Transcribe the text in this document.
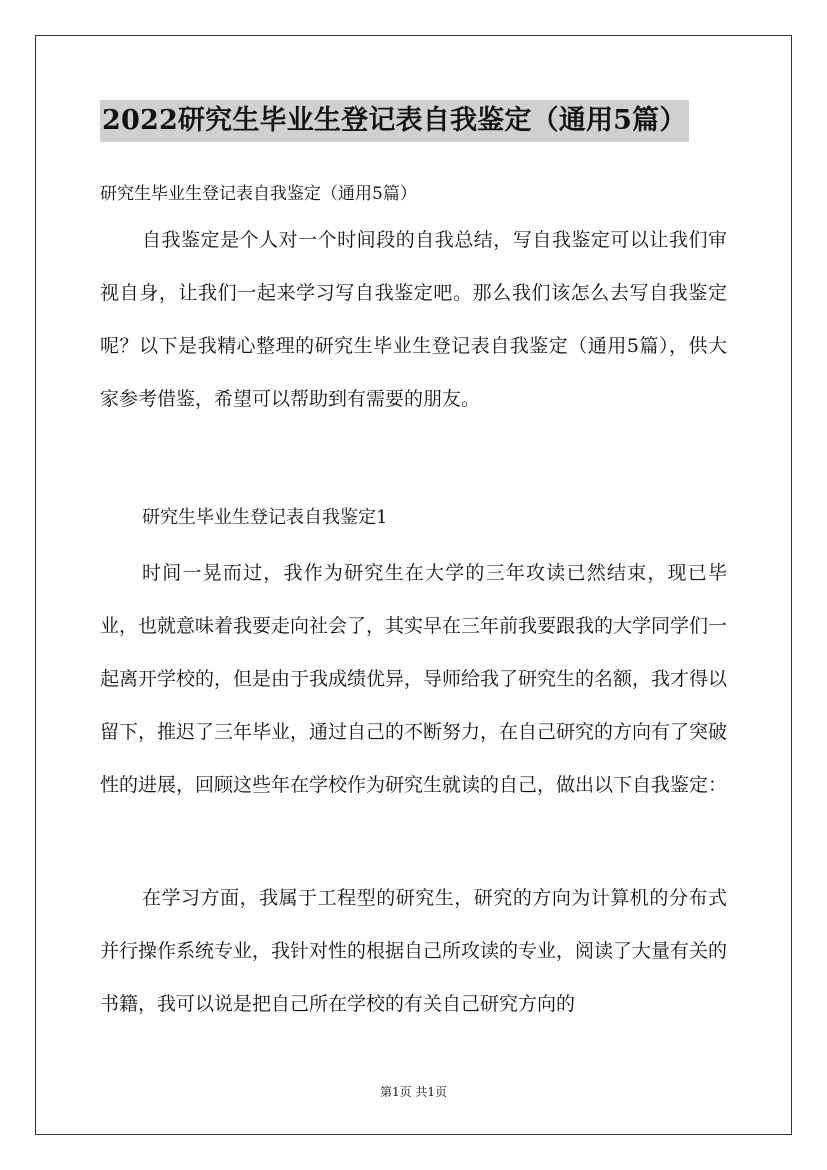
2022研究生毕业生登记表自我鉴定（通用5篇）
研究生毕业生登记表自我鉴定（通用5篇）

自我鉴定是个人对一个时间段的自我总结，写自我鉴定可以让我们审视自身，让我们一起来学习写自我鉴定吧。那么我们该怎么去写自我鉴定呢？以下是我精心整理的研究生毕业生登记表自我鉴定（通用5篇），供大家参考借鉴，希望可以帮助到有需要的朋友。

研究生毕业生登记表自我鉴定1

时间一晃而过，我作为研究生在大学的三年攻读已然结束，现已毕业，也就意味着我要走向社会了，其实早在三年前我要跟我的大学同学们一起离开学校的，但是由于我成绩优异，导师给我了研究生的名额，我才得以留下，推迟了三年毕业，通过自己的不断努力，在自己研究的方向有了突破性的进展，回顾这些年在学校作为研究生就读的自己，做出以下自我鉴定：

在学习方面，我属于工程型的研究生，研究的方向为计算机的分布式并行操作系统专业，我针对性的根据自己所攻读的专业，阅读了大量有关的书籍，我可以说是把自己所在学校的有关自己研究方向的

第1页 共1页
